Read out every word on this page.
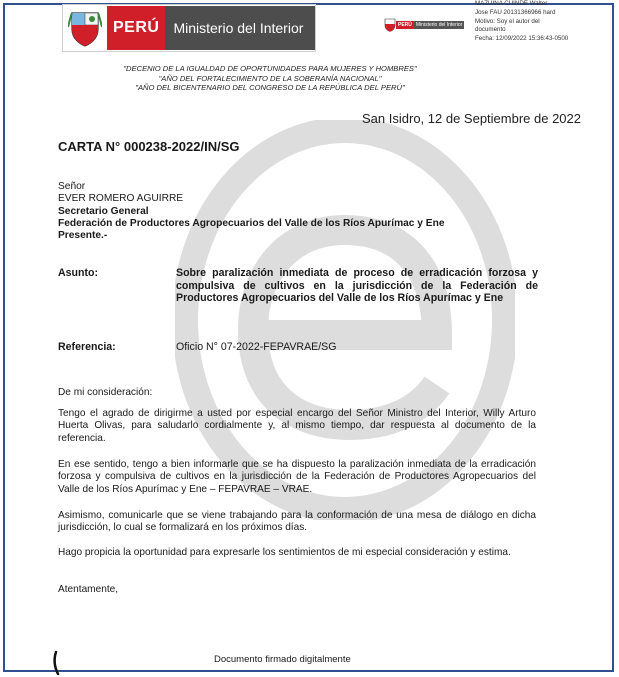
PERÚ	Ministerio del Interior	PERÚ Ministerio del Interior
MAZUIÑA CUINDE Walter
Jose FAU 20131366966 hard
Motivo: Soy el autor del
documento
Fecha: 12/09/2022 15:36:43-0500
"DECENIO DE LA IGUALDAD DE OPORTUNIDADES PARA MUJERES Y HOMBRES"
"AÑO DEL FORTALECIMIENTO DE LA SOBERANÍA NACIONAL"
"AÑO DEL BICENTENARIO DEL CONGRESO DE LA REPÚBLICA DEL PERÚ"
San Isidro, 12 de Septiembre de 2022
CARTA N° 000238-2022/IN/SG
Señor
EVER ROMERO AGUIRRE
Secretario General
Federación de Productores Agropecuarios del Valle de los Ríos Apurímac y Ene
Presente.-
Asunto:	Sobre paralización inmediata de proceso de erradicación forzosa y compulsiva de cultivos en la jurisdicción de la Federación de Productores Agropecuarios del Valle de los Ríos Apurímac y Ene
Referencia:	Oficio N° 07-2022-FEPAVRAE/SG
De mi consideración:
Tengo el agrado de dirigirme a usted por especial encargo del Señor Ministro del Interior, Willy Arturo Huerta Olivas, para saludarlo cordialmente y, al mismo tiempo, dar respuesta al documento de la referencia.
En ese sentido, tengo a bien informarle que se ha dispuesto la paralización inmediata de la erradicación forzosa y compulsiva de cultivos en la jurisdicción de la Federación de Productores Agropecuarios del Valle de los Ríos Apurímac y Ene – FEPAVRAE – VRAE.
Asimismo, comunicarle que se viene trabajando para la conformación de una mesa de diálogo en dicha jurisdicción, lo cual se formalizará en los próximos días.
Hago propicia la oportunidad para expresarle los sentimientos de mi especial consideración y estima.
Atentamente,
Documento firmado digitalmente
